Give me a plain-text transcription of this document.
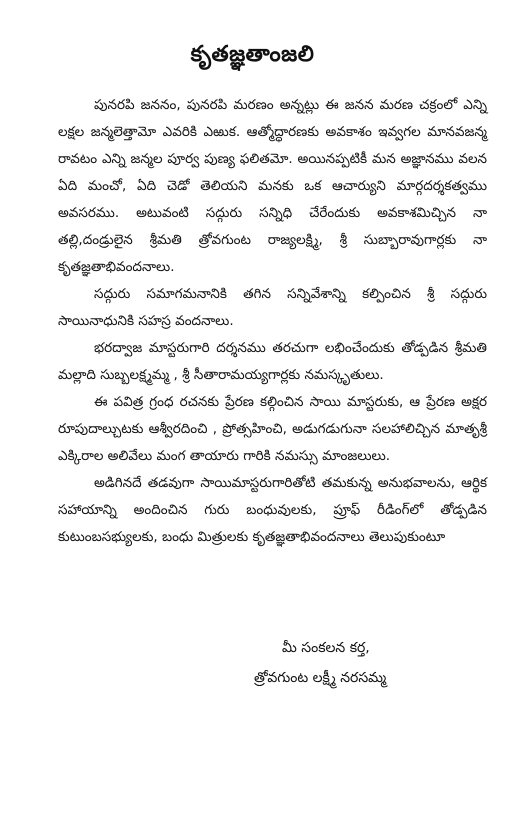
కృతజ్ఞతాంజలి

పునరపి జననం, పునరపి మరణం అన్నట్లు ఈ జనన మరణ చక్రంలో ఎన్ని లక్షల జన్మలెత్తామో ఎవరికి ఎఱుక. ఆత్మోద్ధారణకు అవకాశం ఇవ్వగల మానవజన్మ రావటం ఎన్ని జన్మల పూర్వ పుణ్య ఫలితమో. అయినప్పటికీ మన అజ్ఞానము వలన ఏది మంచో, ఏది చెడో తెలియని మనకు ఒక ఆచార్యుని మార్గదర్శకత్వము అవసరము. అటువంటి సద్గురు సన్నిధి చేరేందుకు అవకాశమిచ్చిన నా తల్లి,దండ్రులైన శ్రీమతి త్రోవగుంట రాజ్యలక్ష్మి, శ్రీ సుబ్బారావుగార్లకు నా కృతజ్ఞతాభివందనాలు.

సద్గురు సమాగమనానికి తగిన సన్నివేశాన్ని కల్పించిన శ్రీ సద్గురు సాయినాధునికి సహస్ర వందనాలు.

భరద్వాజ మాస్టరుగారి దర్శనము తరచుగా లభించేందుకు తోడ్పడిన శ్రీమతి మల్లాది సుబ్బలక్ష్మమ్మ , శ్రీ సీతారామయ్యగార్లకు నమస్కృతులు.

ఈ పవిత్ర గ్రంధ రచనకు ప్రేరణ కల్గించిన సాయి మాస్టరుకు, ఆ ప్రేరణ అక్షర రూపుదాల్చుటకు ఆశ్వీరదించి , ప్రోత్సహించి, అడుగడుగునా సలహాలిచ్చిన మాతృశ్రీ ఎక్కిరాల అలివేలు మంగ తాయారు గారికి నమస్సు మాంజలులు.

అడిగినదే తడవుగా సాయిమాస్టరుగారితోటి తమకున్న అనుభవాలను, ఆర్థిక సహాయాన్ని అందించిన గురు బంధువులకు, ప్రూఫ్ రీడింగ్‌లో తోడ్పడిన కుటుంబసభ్యులకు, బంధు మిత్రులకు కృతజ్ఞతాభివందనాలు తెలుపుకుంటూ

మీ సంకలన కర్త,
త్రోవగుంట లక్ష్మీ నరసమ్మ
